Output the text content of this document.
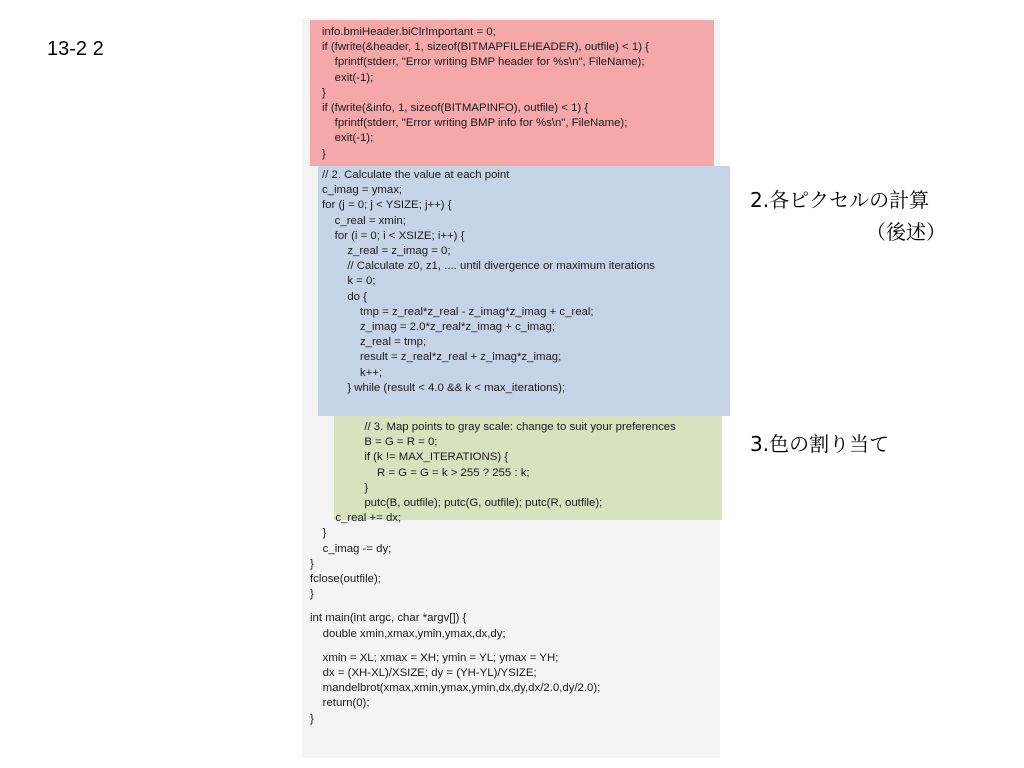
13-2 2
info.bmiHeader.biClrImportant = 0;
if (fwrite(&header, 1, sizeof(BITMAPFILEHEADER), outfile) < 1) {
fprintf(stderr, "Error writing BMP header for %s\n", FileName);
exit(-1);
}
if (fwrite(&info, 1, sizeof(BITMAPINFO), outfile) < 1) {
fprintf(stderr, "Error writing BMP info for %s\n", FileName);
exit(-1);
}
// 2. Calculate the value at each point
c_imag = ymax;
for (j = 0; j < YSIZE; j++) {
c_real = xmin;
for (i = 0; i < XSIZE; i++) {
z_real = z_imag = 0;
// Calculate z0, z1, .... until divergence or maximum iterations
k = 0;
do {
tmp = z_real*z_real - z_imag*z_imag + c_real;
z_imag = 2.0*z_real*z_imag + c_imag;
z_real = tmp;
result = z_real*z_real + z_imag*z_imag;
k++;
} while (result < 4.0 && k < max_iterations);
// 3. Map points to gray scale: change to suit your preferences
B = G = R = 0;
if (k != MAX_ITERATIONS) {
R = G = G = k > 255 ? 255 : k;
}
putc(B, outfile); putc(G, outfile); putc(R, outfile);
c_real += dx;
}
c_imag -= dy;
}
fclose(outfile);
}
int main(int argc, char *argv[]) {
double xmin,xmax,ymin,ymax,dx,dy;
xmin = XL; xmax = XH; ymin = YL; ymax = YH;
dx = (XH-XL)/XSIZE; dy = (YH-YL)/YSIZE;
mandelbrot(xmax,xmin,ymax,ymin,dx,dy,dx/2.0,dy/2.0);
return(0);
}
2.各ピクセルの計算
（後述）
3.色の割り当て
